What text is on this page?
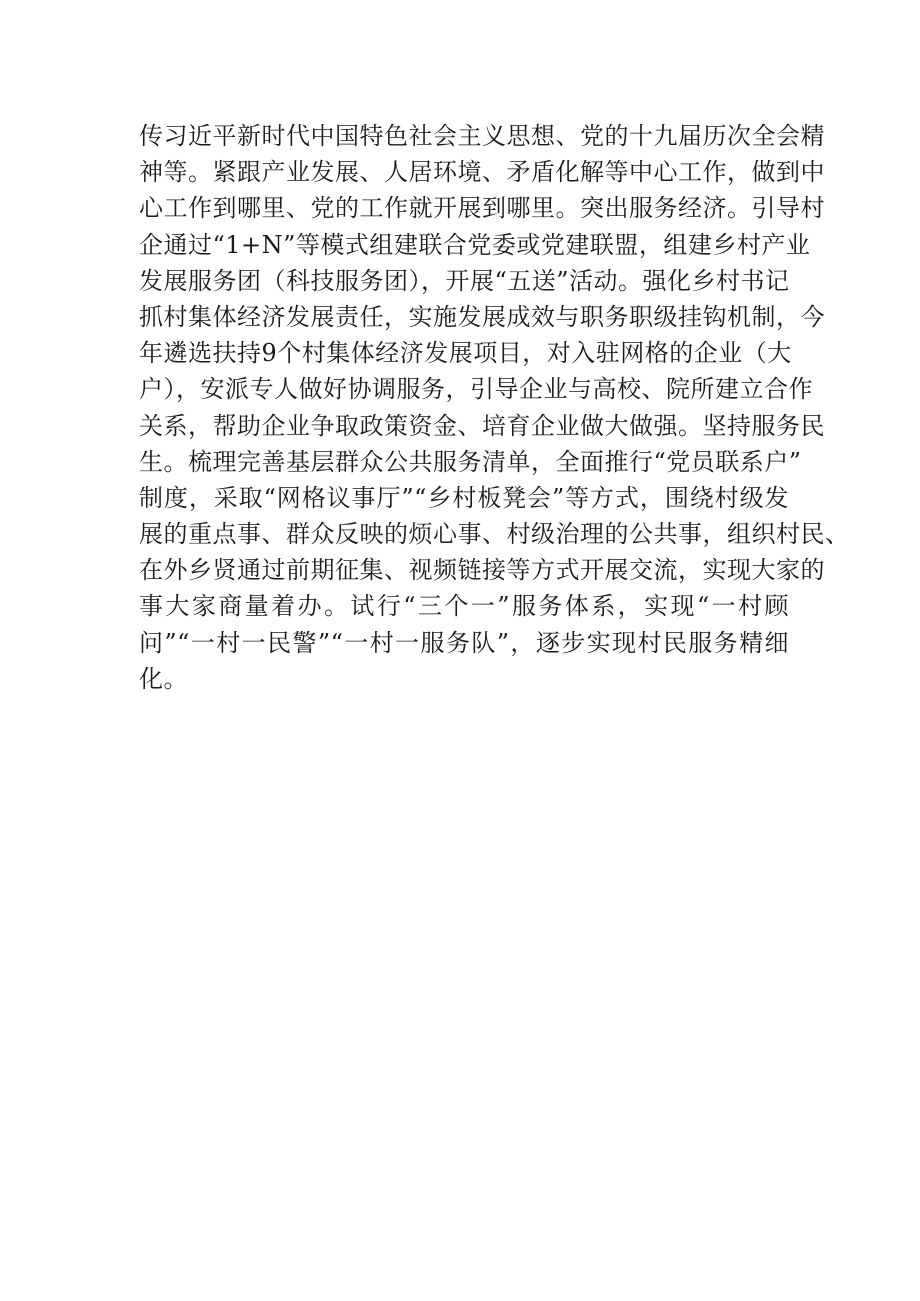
传习近平新时代中国特色社会主义思想、党的十九届历次全会精
神等。紧跟产业发展、人居环境、矛盾化解等中心工作，做到中
心工作到哪里、党的工作就开展到哪里。突出服务经济。引导村
企通过“1+N”等模式组建联合党委或党建联盟，组建乡村产业
发展服务团（科技服务团），开展“五送”活动。强化乡村书记
抓村集体经济发展责任，实施发展成效与职务职级挂钩机制，今
年遴选扶持9个村集体经济发展项目，对入驻网格的企业（大
户），安派专人做好协调服务，引导企业与高校、院所建立合作
关系，帮助企业争取政策资金、培育企业做大做强。坚持服务民
生。梳理完善基层群众公共服务清单，全面推行“党员联系户”
制度，采取“网格议事厅”“乡村板凳会”等方式，围绕村级发
展的重点事、群众反映的烦心事、村级治理的公共事，组织村民、
在外乡贤通过前期征集、视频链接等方式开展交流，实现大家的
事大家商量着办。试行“三个一”服务体系，实现“一村顾
问”“一村一民警”“一村一服务队”，逐步实现村民服务精细
化。
